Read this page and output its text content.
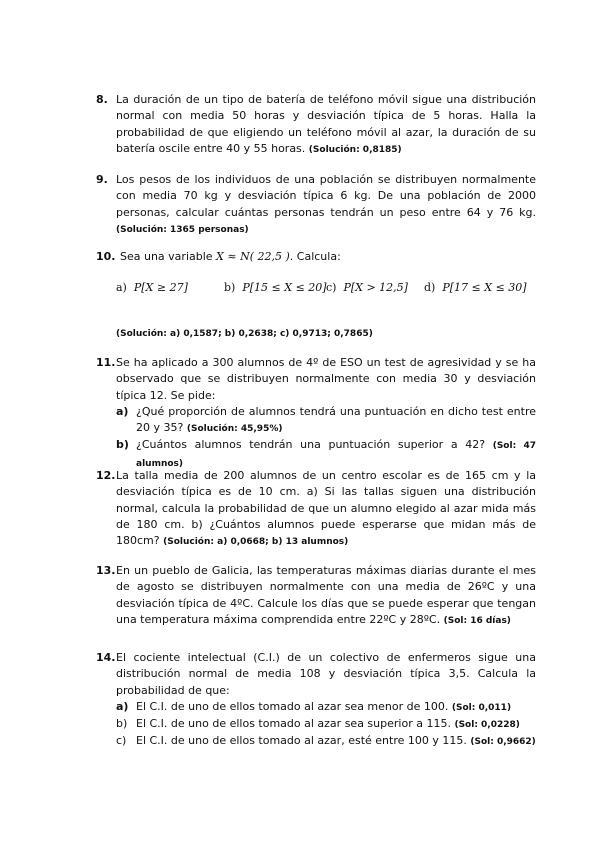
8. La duración de un tipo de batería de teléfono móvil sigue una distribución normal con media 50 horas y desviación típica de 5 horas. Halla la probabilidad de que eligiendo un teléfono móvil al azar, la duración de su batería oscile entre 40 y 55 horas. (Solución: 0,8185)
9. Los pesos de los individuos de una población se distribuyen normalmente con media 70 kg y desviación típica 6 kg. De una población de 2000 personas, calcular cuántas personas tendrán un peso entre 64 y 76 kg. (Solución: 1365 personas)
10. Sea una variable X ≈ N( 22,5 ). Calcula:
a) P[X ≥ 27]	b) P[15 ≤ X ≤ 20] c) P[X > 12,5] d) P[17 ≤ X ≤ 30]
(Solución: a) 0,1587; b) 0,2638; c) 0,9713; 0,7865)
11. Se ha aplicado a 300 alumnos de 4º de ESO un test de agresividad y se ha observado que se distribuyen normalmente con media 30 y desviación típica 12. Se pide:
a) ¿Qué proporción de alumnos tendrá una puntuación en dicho test entre 20 y 35? (Solución: 45,95%)
b) ¿Cuántos alumnos tendrán una puntuación superior a 42? (Sol: 47 alumnos)
12. La talla media de 200 alumnos de un centro escolar es de 165 cm y la desviación típica es de 10 cm. a) Si las tallas siguen una distribución normal, calcula la probabilidad de que un alumno elegido al azar mida más de 180 cm. b) ¿Cuántos alumnos puede esperarse que midan más de 180cm? (Solución: a) 0,0668; b) 13 alumnos)
13. En un pueblo de Galicia, las temperaturas máximas diarias durante el mes de agosto se distribuyen normalmente con una media de 26ºC y una desviación típica de 4ºC. Calcule los días que se puede esperar que tengan una temperatura máxima comprendida entre 22ºC y 28ºC. (Sol: 16 días)
14. El cociente intelectual (C.I.) de un colectivo de enfermeros sigue una distribución normal de media 108 y desviación típica 3,5. Calcula la probabilidad de que:
a) El C.I. de uno de ellos tomado al azar sea menor de 100. (Sol: 0,011)
b) El C.I. de uno de ellos tomado al azar sea superior a 115. (Sol: 0,0228)
c) El C.I. de uno de ellos tomado al azar, esté entre 100 y 115. (Sol: 0,9662)
